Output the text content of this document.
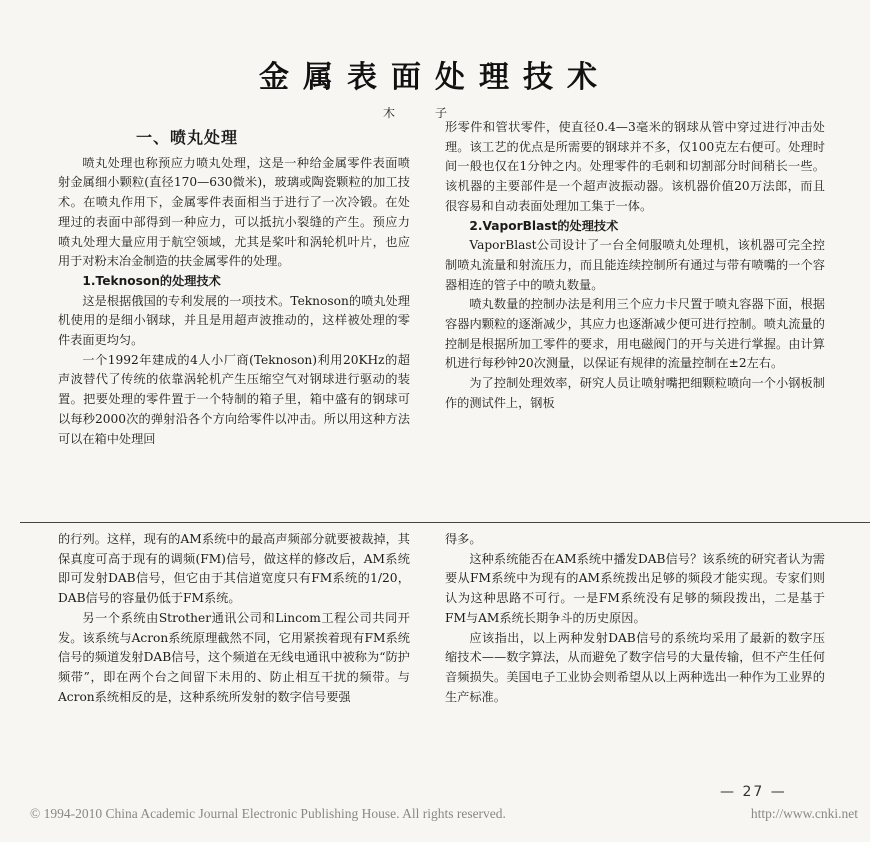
金属表面处理技术
木子
一、喷丸处理

喷丸处理也称预应力喷丸处理，这是一种给金属零件表面喷射金属细小颗粒(直径170—630微米)，玻璃或陶瓷颗粒的加工技术。在喷丸作用下，金属零件表面相当于进行了一次冷锻。在处理过的表面中部得到一种应力，可以抵抗小裂缝的产生。预应力喷丸处理大量应用于航空领域，尤其是桨叶和涡轮机叶片，也应用于对粉末冶金制造的扶金属零件的处理。

1.Teknoson的处理技术

这是根据俄国的专利发展的一项技术。Teknoson的喷丸处理机使用的是细小钢球，并且是用超声波推动的，这样被处理的零件表面更均匀。

一个1992年建成的4人小厂商(Teknoson)利用20KHz的超声波替代了传统的依靠涡轮机产生压缩空气对钢球进行驱动的装置。把要处理的零件置于一个特制的箱子里，箱中盛有的钢球可以每秒2000次的弹射沿各个方向给零件以冲击。所以用这种方法可以在箱中处理回

形零件和管状零件，使直径0.4—3毫米的钢球从管中穿过进行冲击处理。该工艺的优点是所需要的钢球并不多，仅100克左右便可。处理时间一般也仅在1分钟之内。处理零件的毛刺和切割部分时间稍长一些。该机器的主要部件是一个超声波振动器。该机器价值20万法郎，而且很容易和自动表面处理加工集于一体。

2.VaporBlast的处理技术

VaporBlast公司设计了一台全伺服喷丸处理机，该机器可完全控制喷丸流量和射流压力，而且能连续控制所有通过与带有喷嘴的一个容器相连的管子中的喷丸数量。

喷丸数量的控制办法是利用三个应力卡尺置于喷丸容器下面，根据容器内颗粒的逐渐减少，其应力也逐渐减少便可进行控制。喷丸流量的控制是根据所加工零件的要求，用电磁阀门的开与关进行掌握。由计算机进行每秒钟20次测量，以保证有规律的流量控制在±2左右。

为了控制处理效率，研究人员让喷射嘴把细颗粒喷向一个小钢板制作的测试件上，钢板

的行列。这样，现有的AM系统中的最高声频部分就要被裁掉，其保真度可高于现有的调频(FM)信号，做这样的修改后，AM系统即可发射DAB信号，但它由于其信道宽度只有FM系统的1/20，DAB信号的容量仍低于FM系统。

另一个系统由Strother通讯公司和Lincom工程公司共同开发。该系统与Acron系统原理截然不同，它用紧挨着现有FM系统信号的频道发射DAB信号，这个频道在无线电通讯中被称为“防护频带”，即在两个台之间留下未用的、防止相互干扰的频带。与Acron系统相反的是，这种系统所发射的数字信号要强

得多。

这种系统能否在AM系统中播发DAB信号？该系统的研究者认为需要从FM系统中为现有的AM系统拨出足够的频段才能实现。专家们则认为这种思路不可行。一是FM系统没有足够的频段拨出，二是基于FM与AM系统长期争斗的历史原因。

应该指出，以上两种发射DAB信号的系统均采用了最新的数字压缩技术——数字算法，从而避免了数字信号的大量传输，但不产生任何音频损失。美国电子工业协会则希望从以上两种选出一种作为工业界的生产标准。

— 27 —
© 1994-2010 China Academic Journal Electronic Publishing House. All rights reserved.	http://www.cnki.net
